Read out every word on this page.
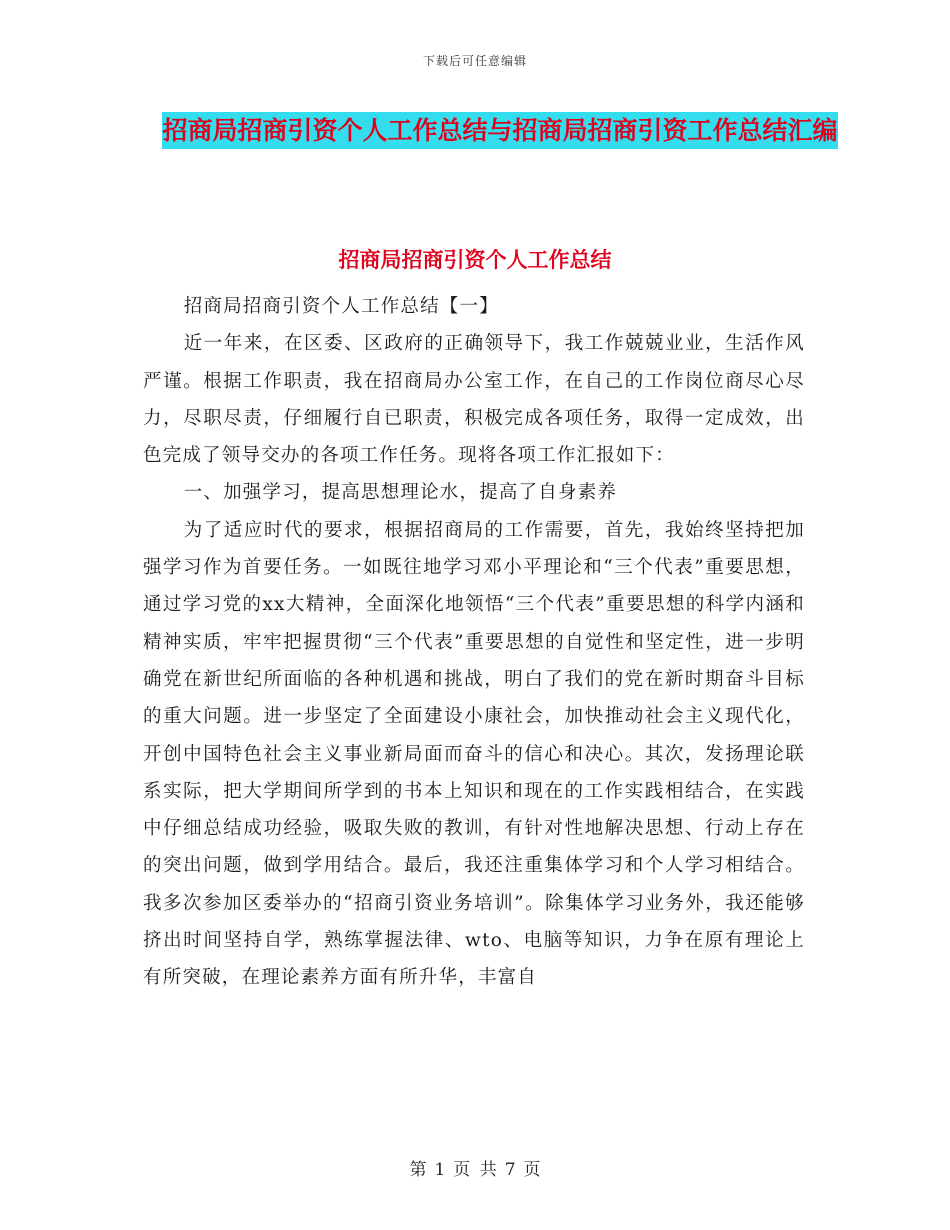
下载后可任意编辑
招商局招商引资个人工作总结与招商局招商引资工作总结汇编
招商局招商引资个人工作总结

招商局招商引资个人工作总结【一】

近一年来，在区委、区政府的正确领导下，我工作兢兢业业，生活作风严谨。根据工作职责，我在招商局办公室工作，在自己的工作岗位商尽心尽力，尽职尽责，仔细履行自已职责，积极完成各项任务，取得一定成效，出色完成了领导交办的各项工作任务。现将各项工作汇报如下：

一、加强学习，提高思想理论水，提高了自身素养

为了适应时代的要求，根据招商局的工作需要，首先，我始终坚持把加强学习作为首要任务。一如既往地学习邓小平理论和“三个代表”重要思想，通过学习党的xx大精神，全面深化地领悟“三个代表”重要思想的科学内涵和精神实质，牢牢把握贯彻“三个代表”重要思想的自觉性和坚定性，进一步明确党在新世纪所面临的各种机遇和挑战，明白了我们的党在新时期奋斗目标的重大问题。进一步坚定了全面建设小康社会，加快推动社会主义现代化，开创中国特色社会主义事业新局面而奋斗的信心和决心。其次，发扬理论联系实际，把大学期间所学到的书本上知识和现在的工作实践相结合，在实践中仔细总结成功经验，吸取失败的教训，有针对性地解决思想、行动上存在的突出问题，做到学用结合。最后，我还注重集体学习和个人学习相结合。我多次参加区委举办的“招商引资业务培训”。除集体学习业务外，我还能够挤出时间坚持自学，熟练掌握法律、wto、电脑等知识，力争在原有理论上有所突破，在理论素养方面有所升华，丰富自

第 1 页 共 7 页
